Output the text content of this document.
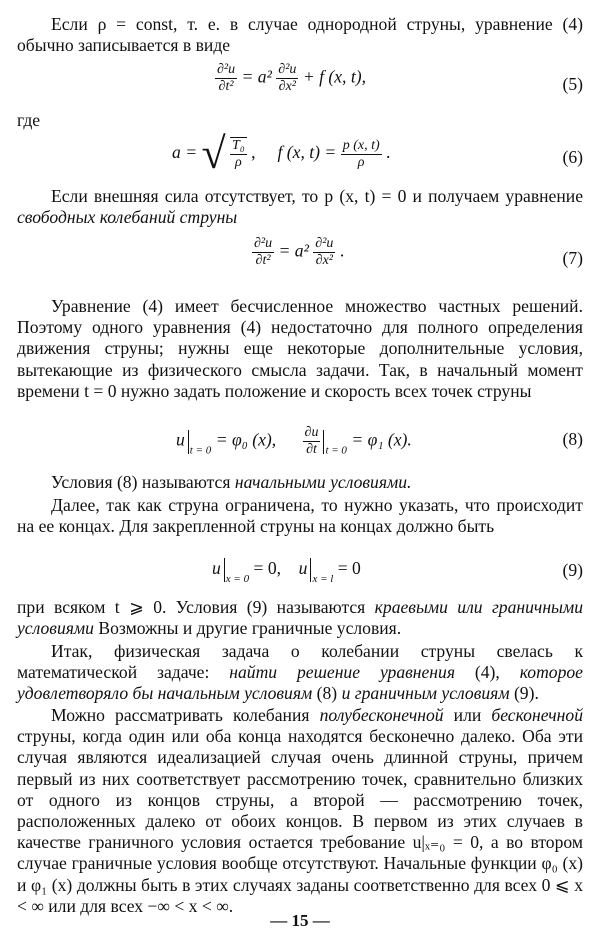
Если ρ = const, т. е. в случае однородной струны, уравнение (4) обычно записывается в виде
$\frac{\text{∂²u}}{\text{∂t²}} = a^2 \frac{\text{∂²u}}{\text{∂x²}} + f$ (x, t),	(5)
где
a = √ $\frac{\text{T₀}}{\rho}$ , f (x, $t) = \frac{p (x, t)}{\rho}$ .	(6)
Если внешняя сила отсутствует, то p (x, t) = 0 и получаем уравнение свободных колебаний струны
$\frac{\text{∂²u}}{\text{∂t²}} = a^2 \frac{\text{∂²u}}{\text{∂x²}}$ .	(7)
Уравнение (4) имеет бесчисленное множество частных решений. Поэтому одного уравнения (4) недостаточно для полного определения движения струны; нужны еще некоторые дополнительные условия, вытекающие из физического смысла задачи. Так, в начальный момент времени t = 0 нужно задать положение и скорость всех точек струны
$u_{t = 0} = \varphi_0$ (x), $\frac{\partial u}{\partial t} _{t = 0} = \varphi_1$ (x).	(8)
Условия (8) называются начальными условиями.
Далее, так как струна ограничена, то нужно указать, что происходит на ее концах. Для закрепленной струны на концах должно быть
$u_{x = 0} = 0$, $u_{x = l} = 0$	(9)
при всяком t ⩾ 0. Условия (9) называются краевыми или граничными условиями Возможны и другие граничные условия.
Итак, физическая задача о колебании струны свелась к математической задаче: найти решение уравнения (4), которое удовлетворяло бы начальным условиям (8) и граничным условиям (9).
Можно рассматривать колебания полубесконечной или бесконечной струны, когда один или оба конца находятся бесконечно далеко. Оба эти случая являются идеализацией случая очень длинной струны, причем первый из них соответствует рассмотрению точек, сравнительно близких от одного из концов струны, а второй — рассмотрению точек, расположенных далеко от обоих концов. В первом из этих случаев в качестве граничного условия остается требование u|ₓ₌₀ = 0, а во втором случае граничные условия вообще отсутствуют. Начальные функции φ₀ (x) и φ₁ (x) должны быть в этих случаях заданы соответственно для всех 0 ⩽ x < ∞ или для всех −∞ < x < ∞.
— 15 —
